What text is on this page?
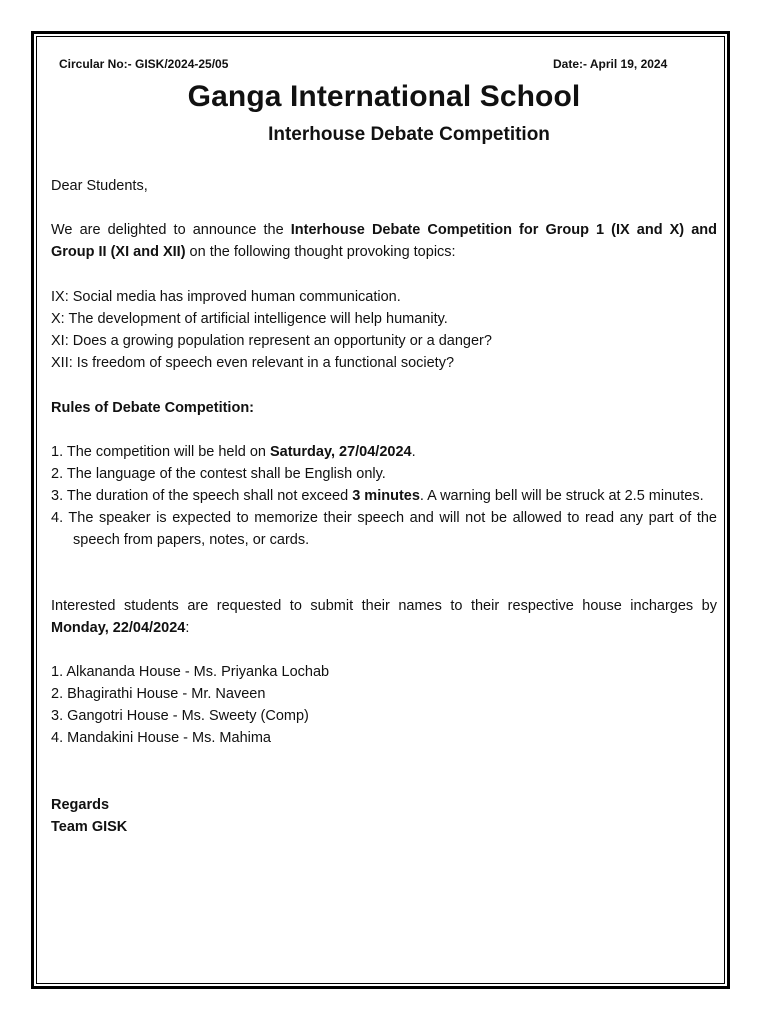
Circular No:- GISK/2024-25/05	Date:- April 19, 2024
Ganga International School
Interhouse Debate Competition
Dear Students,
We are delighted to announce the Interhouse Debate Competition for Group 1 (IX and X) and Group II (XI and XII) on the following thought provoking topics:
IX: Social media has improved human communication.
X: The development of artificial intelligence will help humanity.
XI: Does a growing population represent an opportunity or a danger?
XII: Is freedom of speech even relevant in a functional society?
Rules of Debate Competition:
1. The competition will be held on Saturday, 27/04/2024.
2. The language of the contest shall be English only.
3. The duration of the speech shall not exceed 3 minutes. A warning bell will be struck at 2.5 minutes.
4. The speaker is expected to memorize their speech and will not be allowed to read any part of the speech from papers, notes, or cards.
Interested students are requested to submit their names to their respective house incharges by Monday, 22/04/2024:
1. Alkananda House - Ms. Priyanka Lochab
2. Bhagirathi House - Mr. Naveen
3. Gangotri House - Ms. Sweety (Comp)
4. Mandakini House - Ms. Mahima
Regards
Team GISK
